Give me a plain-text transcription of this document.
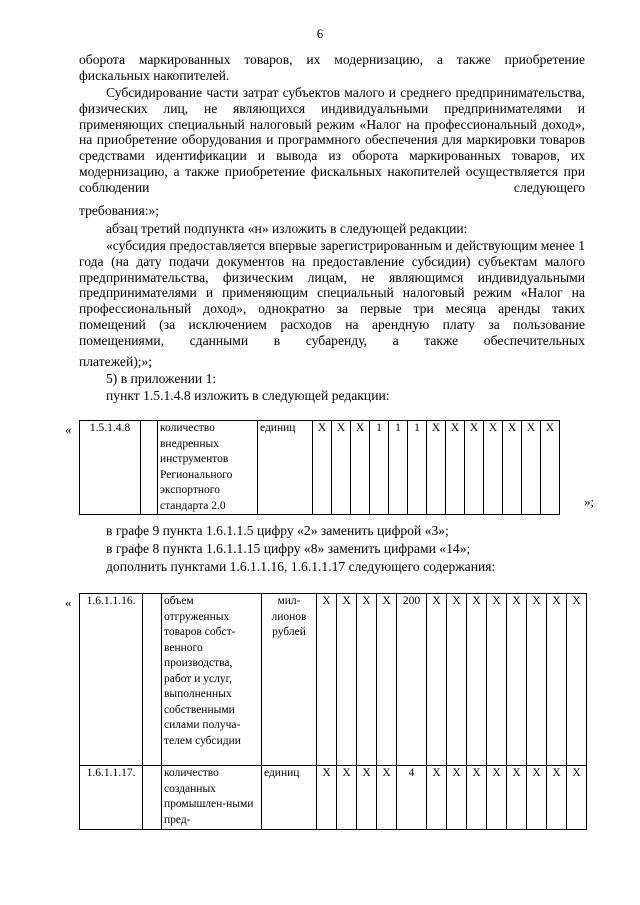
6

оборота маркированных товаров, их модернизацию, а также приобретение

фискальных накопителей.

Субсидирование части затрат субъектов малого и среднего предпринимательства, физических лиц, не являющихся индивидуальными предпринимателями и применяющих специальный налоговый режим «Налог на профессиональный доход», на приобретение оборудования и программного обеспечения для маркировки товаров средствами идентификации и вывода из оборота маркированных товаров, их модернизацию, а также приобретение фискальных накопителей осуществляется при соблюдении следующего

требования:»;

абзац третий подпункта «н» изложить в следующей редакции:

«субсидия предоставляется впервые зарегистрированным и действующим менее 1 года (на дату подачи документов на предоставление субсидии) субъектам малого предпринимательства, физическим лицам, не являющимся индивидуальными предпринимателями и применяющим специальный налоговый режим «Налог на профессиональный доход», однократно за первые три месяца аренды таких помещений (за исключением расходов на арендную плату за пользование помещениями, сданными в субаренду, а также обеспечительных

платежей);»;

5) в приложении 1:

пункт 1.5.1.4.8 изложить в следующей редакции:

« 1.5.1.4.8		количество внедренных инструментов Регионального экспортного стандарта 2.0	единиц	Х	Х	Х	1	1	1	Х	Х	Х	Х	Х	Х	Х
»;

в графе 9 пункта 1.6.1.1.5 цифру «2» заменить цифрой «3»;

в графе 8 пункта 1.6.1.1.15 цифру «8» заменить цифрами «14»;

дополнить пунктами 1.6.1.1.16, 1.6.1.1.17 следующего содержания:

« 1.6.1.1.16.		объем отгруженных товаров собст-венного производства, работ и услуг, выполненных собственными силами получа-телем субсидии	мил-лионов рублей	Х	Х	Х	Х	200	Х	Х	Х	Х	Х	Х	Х	Х
1.6.1.1.17.		количество созданных промышлен-ными пред-	единиц	Х	Х	Х	Х	4	Х	Х	Х	Х	Х	Х	Х	Х
